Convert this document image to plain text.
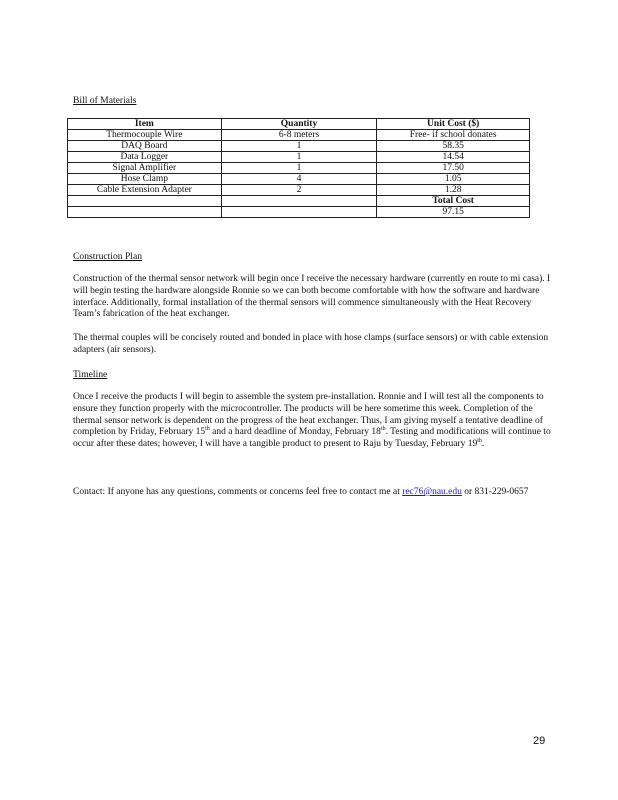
Bill of Materials
Item	Quantity	Unit Cost ($)
Thermocouple Wire	6-8 meters	Free- if school donates
DAQ Board	1	58.35
Data Logger	1	14.54
Signal Amplifier	1	17.50
Hose Clamp	4	1.05
Cable Extension Adapter	2	1.28
		Total Cost
		97.15
Construction Plan
Construction of the thermal sensor network will begin once I receive the necessary hardware (currently en route to mi casa). I will begin testing the hardware alongside Ronnie so we can both become comfortable with how the software and hardware interface. Additionally, formal installation of the thermal sensors will commence simultaneously with the Heat Recovery Team’s fabrication of the heat exchanger.
The thermal couples will be concisely routed and bonded in place with hose clamps (surface sensors) or with cable extension adapters (air sensors).
Timeline
Once I receive the products I will begin to assemble the system pre-installation. Ronnie and I will test all the components to ensure they function properly with the microcontroller. The products will be here sometime this week. Completion of the thermal sensor network is dependent on the progress of the heat exchanger. Thus, I am giving myself a tentative deadline of completion by Friday, February 15th and a hard deadline of Monday, February 18th. Testing and modifications will continue to occur after these dates; however, I will have a tangible product to present to Raju by Tuesday, February 19th.
Contact: If anyone has any questions, comments or concerns feel free to contact me at rec76@nau.edu or 831-229-0657
29
